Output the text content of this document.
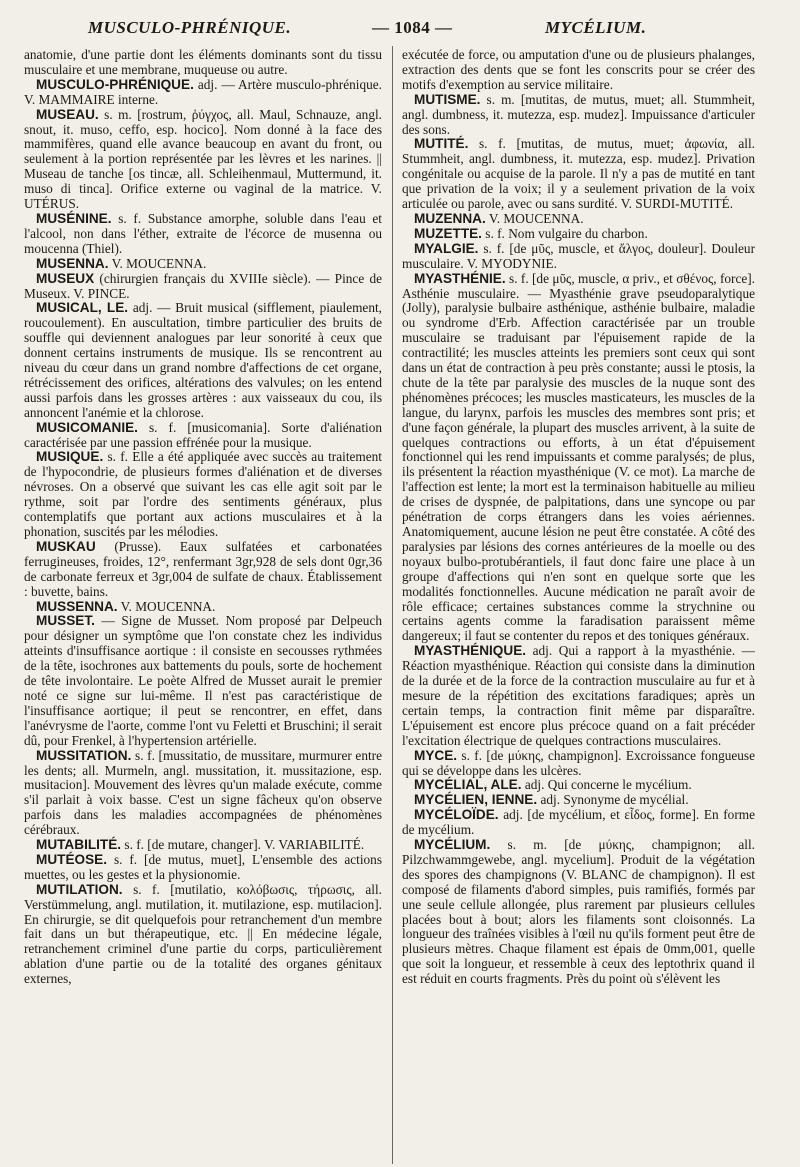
MUSCULO-PHRÉNIQUE.	— 1084 —	MYCÉLIUM.

anatomie, d'une partie dont les éléments dominants sont du tissu musculaire et une membrane, muqueuse ou autre.

MUSCULO-PHRÉNIQUE. adj. — Artère musculo-phrénique. V. MAMMAIRE interne.

MUSEAU. s. m. [rostrum, ῥύγχος, all. Maul, Schnauze, angl. snout, it. muso, ceffo, esp. hocico]. Nom donné à la face des mammifères, quand elle avance beaucoup en avant du front, ou seulement à la portion représentée par les lèvres et les narines. || Museau de tanche [os tincæ, all. Schleihenmaul, Muttermund, it. muso di tinca]. Orifice externe ou vaginal de la matrice. V. UTÉRUS.

MUSÉNINE. s. f. Substance amorphe, soluble dans l'eau et l'alcool, non dans l'éther, extraite de l'écorce de musenna ou moucenna (Thiel).

MUSENNA. V. MOUCENNA.

MUSEUX (chirurgien français du XVIIIe siècle). — Pince de Museux. V. PINCE.

MUSICAL, LE. adj. — Bruit musical (sifflement, piaulement, roucoulement). En auscultation, timbre particulier des bruits de souffle qui deviennent analogues par leur sonorité à ceux que donnent certains instruments de musique. Ils se rencontrent au niveau du cœur dans un grand nombre d'affections de cet organe, rétrécissement des orifices, altérations des valvules; on les entend aussi parfois dans les grosses artères : aux vaisseaux du cou, ils annoncent l'anémie et la chlorose.

MUSICOMANIE. s. f. [musicomania]. Sorte d'aliénation caractérisée par une passion effrénée pour la musique.

MUSIQUE. s. f. Elle a été appliquée avec succès au traitement de l'hypocondrie, de plusieurs formes d'aliénation et de diverses névroses. On a observé que suivant les cas elle agit soit par le rythme, soit par l'ordre des sentiments généraux, plus contemplatifs que portant aux actions musculaires et à la phonation, suscités par les mélodies.

MUSKAU (Prusse). Eaux sulfatées et carbonatées ferrugineuses, froides, 12°, renfermant 3gr,928 de sels dont 0gr,36 de carbonate ferreux et 3gr,004 de sulfate de chaux. Établissement : buvette, bains.

MUSSENNA. V. MOUCENNA.

MUSSET. — Signe de Musset. Nom proposé par Delpeuch pour désigner un symptôme que l'on constate chez les individus atteints d'insuffisance aortique : il consiste en secousses rythmées de la tête, isochrones aux battements du pouls, sorte de hochement de tête involontaire. Le poète Alfred de Musset aurait le premier noté ce signe sur lui-même. Il n'est pas caractéristique de l'insuffisance aortique; il peut se rencontrer, en effet, dans l'anévrysme de l'aorte, comme l'ont vu Feletti et Bruschini; il serait dû, pour Frenkel, à l'hypertension artérielle.

MUSSITATION. s. f. [mussitatio, de mussitare, murmurer entre les dents; all. Murmeln, angl. mussitation, it. mussitazione, esp. musitacion]. Mouvement des lèvres qu'un malade exécute, comme s'il parlait à voix basse. C'est un signe fâcheux qu'on observe parfois dans les maladies accompagnées de phénomènes cérébraux.

MUTABILITÉ. s. f. [de mutare, changer]. V. VARIABILITÉ.

MUTÉOSE. s. f. [de mutus, muet], L'ensemble des actions muettes, ou les gestes et la physionomie.

MUTILATION. s. f. [mutilatio, κολόβωσις, τήρωσις, all. Verstümmelung, angl. mutilation, it. mutilazione, esp. mutilacion]. En chirurgie, se dit quelquefois pour retranchement d'un membre fait dans un but thérapeutique, etc. || En médecine légale, retranchement criminel d'une partie du corps, particulièrement ablation d'une partie ou de la totalité des organes génitaux externes,

exécutée de force, ou amputation d'une ou de plusieurs phalanges, extraction des dents que se font les conscrits pour se créer des motifs d'exemption au service militaire.

MUTISME. s. m. [mutitas, de mutus, muet; all. Stummheit, angl. dumbness, it. mutezza, esp. mudez]. Impuissance d'articuler des sons.

MUTITÉ. s. f. [mutitas, de mutus, muet; ἀφωνία, all. Stummheit, angl. dumbness, it. mutezza, esp. mudez]. Privation congénitale ou acquise de la parole. Il n'y a pas de mutité en tant que privation de la voix; il y a seulement privation de la voix articulée ou parole, avec ou sans surdité. V. SURDI-MUTITÉ.

MUZENNA. V. MOUCENNA.

MUZETTE. s. f. Nom vulgaire du charbon.

MYALGIE. s. f. [de μῦς, muscle, et ἄλγος, douleur]. Douleur musculaire. V. MYODYNIE.

MYASTHÉNIE. s. f. [de μῦς, muscle, α priv., et σθένος, force]. Asthénie musculaire. — Myasthénie grave pseudoparalytique (Jolly), paralysie bulbaire asthénique, asthénie bulbaire, maladie ou syndrome d'Erb. Affection caractérisée par un trouble musculaire se traduisant par l'épuisement rapide de la contractilité; les muscles atteints les premiers sont ceux qui sont dans un état de contraction à peu près constante; aussi le ptosis, la chute de la tête par paralysie des muscles de la nuque sont des phénomènes précoces; les muscles masticateurs, les muscles de la langue, du larynx, parfois les muscles des membres sont pris; et d'une façon générale, la plupart des muscles arrivent, à la suite de quelques contractions ou efforts, à un état d'épuisement fonctionnel qui les rend impuissants et comme paralysés; de plus, ils présentent la réaction myasthénique (V. ce mot). La marche de l'affection est lente; la mort est la terminaison habituelle au milieu de crises de dyspnée, de palpitations, dans une syncope ou par pénétration de corps étrangers dans les voies aériennes. Anatomiquement, aucune lésion ne peut être constatée. A côté des paralysies par lésions des cornes antérieures de la moelle ou des noyaux bulbo-protubérantiels, il faut donc faire une place à un groupe d'affections qui n'en sont en quelque sorte que les modalités fonctionnelles. Aucune médication ne paraît avoir de rôle efficace; certaines substances comme la strychnine ou certains agents comme la faradisation paraissent même dangereux; il faut se contenter du repos et des toniques généraux.

MYASTHÉNIQUE. adj. Qui a rapport à la myasthénie. — Réaction myasthénique. Réaction qui consiste dans la diminution de la durée et de la force de la contraction musculaire au fur et à mesure de la répétition des excitations faradiques; après un certain temps, la contraction finit même par disparaître. L'épuisement est encore plus précoce quand on a fait précéder l'excitation électrique de quelques contractions musculaires.

MYCE. s. f. [de μύκης, champignon]. Excroissance fongueuse qui se développe dans les ulcères.

MYCÉLIAL, ALE. adj. Qui concerne le mycélium.

MYCÉLIEN, IENNE. adj. Synonyme de mycélial.

MYCÉLOÏDE. adj. [de mycélium, et εἶδος, forme]. En forme de mycélium.

MYCÉLIUM. s. m. [de μύκης, champignon; all. Pilzchwammgewebe, angl. mycelium]. Produit de la végétation des spores des champignons (V. BLANC de champignon). Il est composé de filaments d'abord simples, puis ramifiés, formés par une seule cellule allongée, plus rarement par plusieurs cellules placées bout à bout; alors les filaments sont cloisonnés. La longueur des traînées visibles à l'œil nu qu'ils forment peut être de plusieurs mètres. Chaque filament est épais de 0mm,001, quelle que soit la longueur, et ressemble à ceux des leptothrix quand il est réduit en courts fragments. Près du point où s'élèvent les
